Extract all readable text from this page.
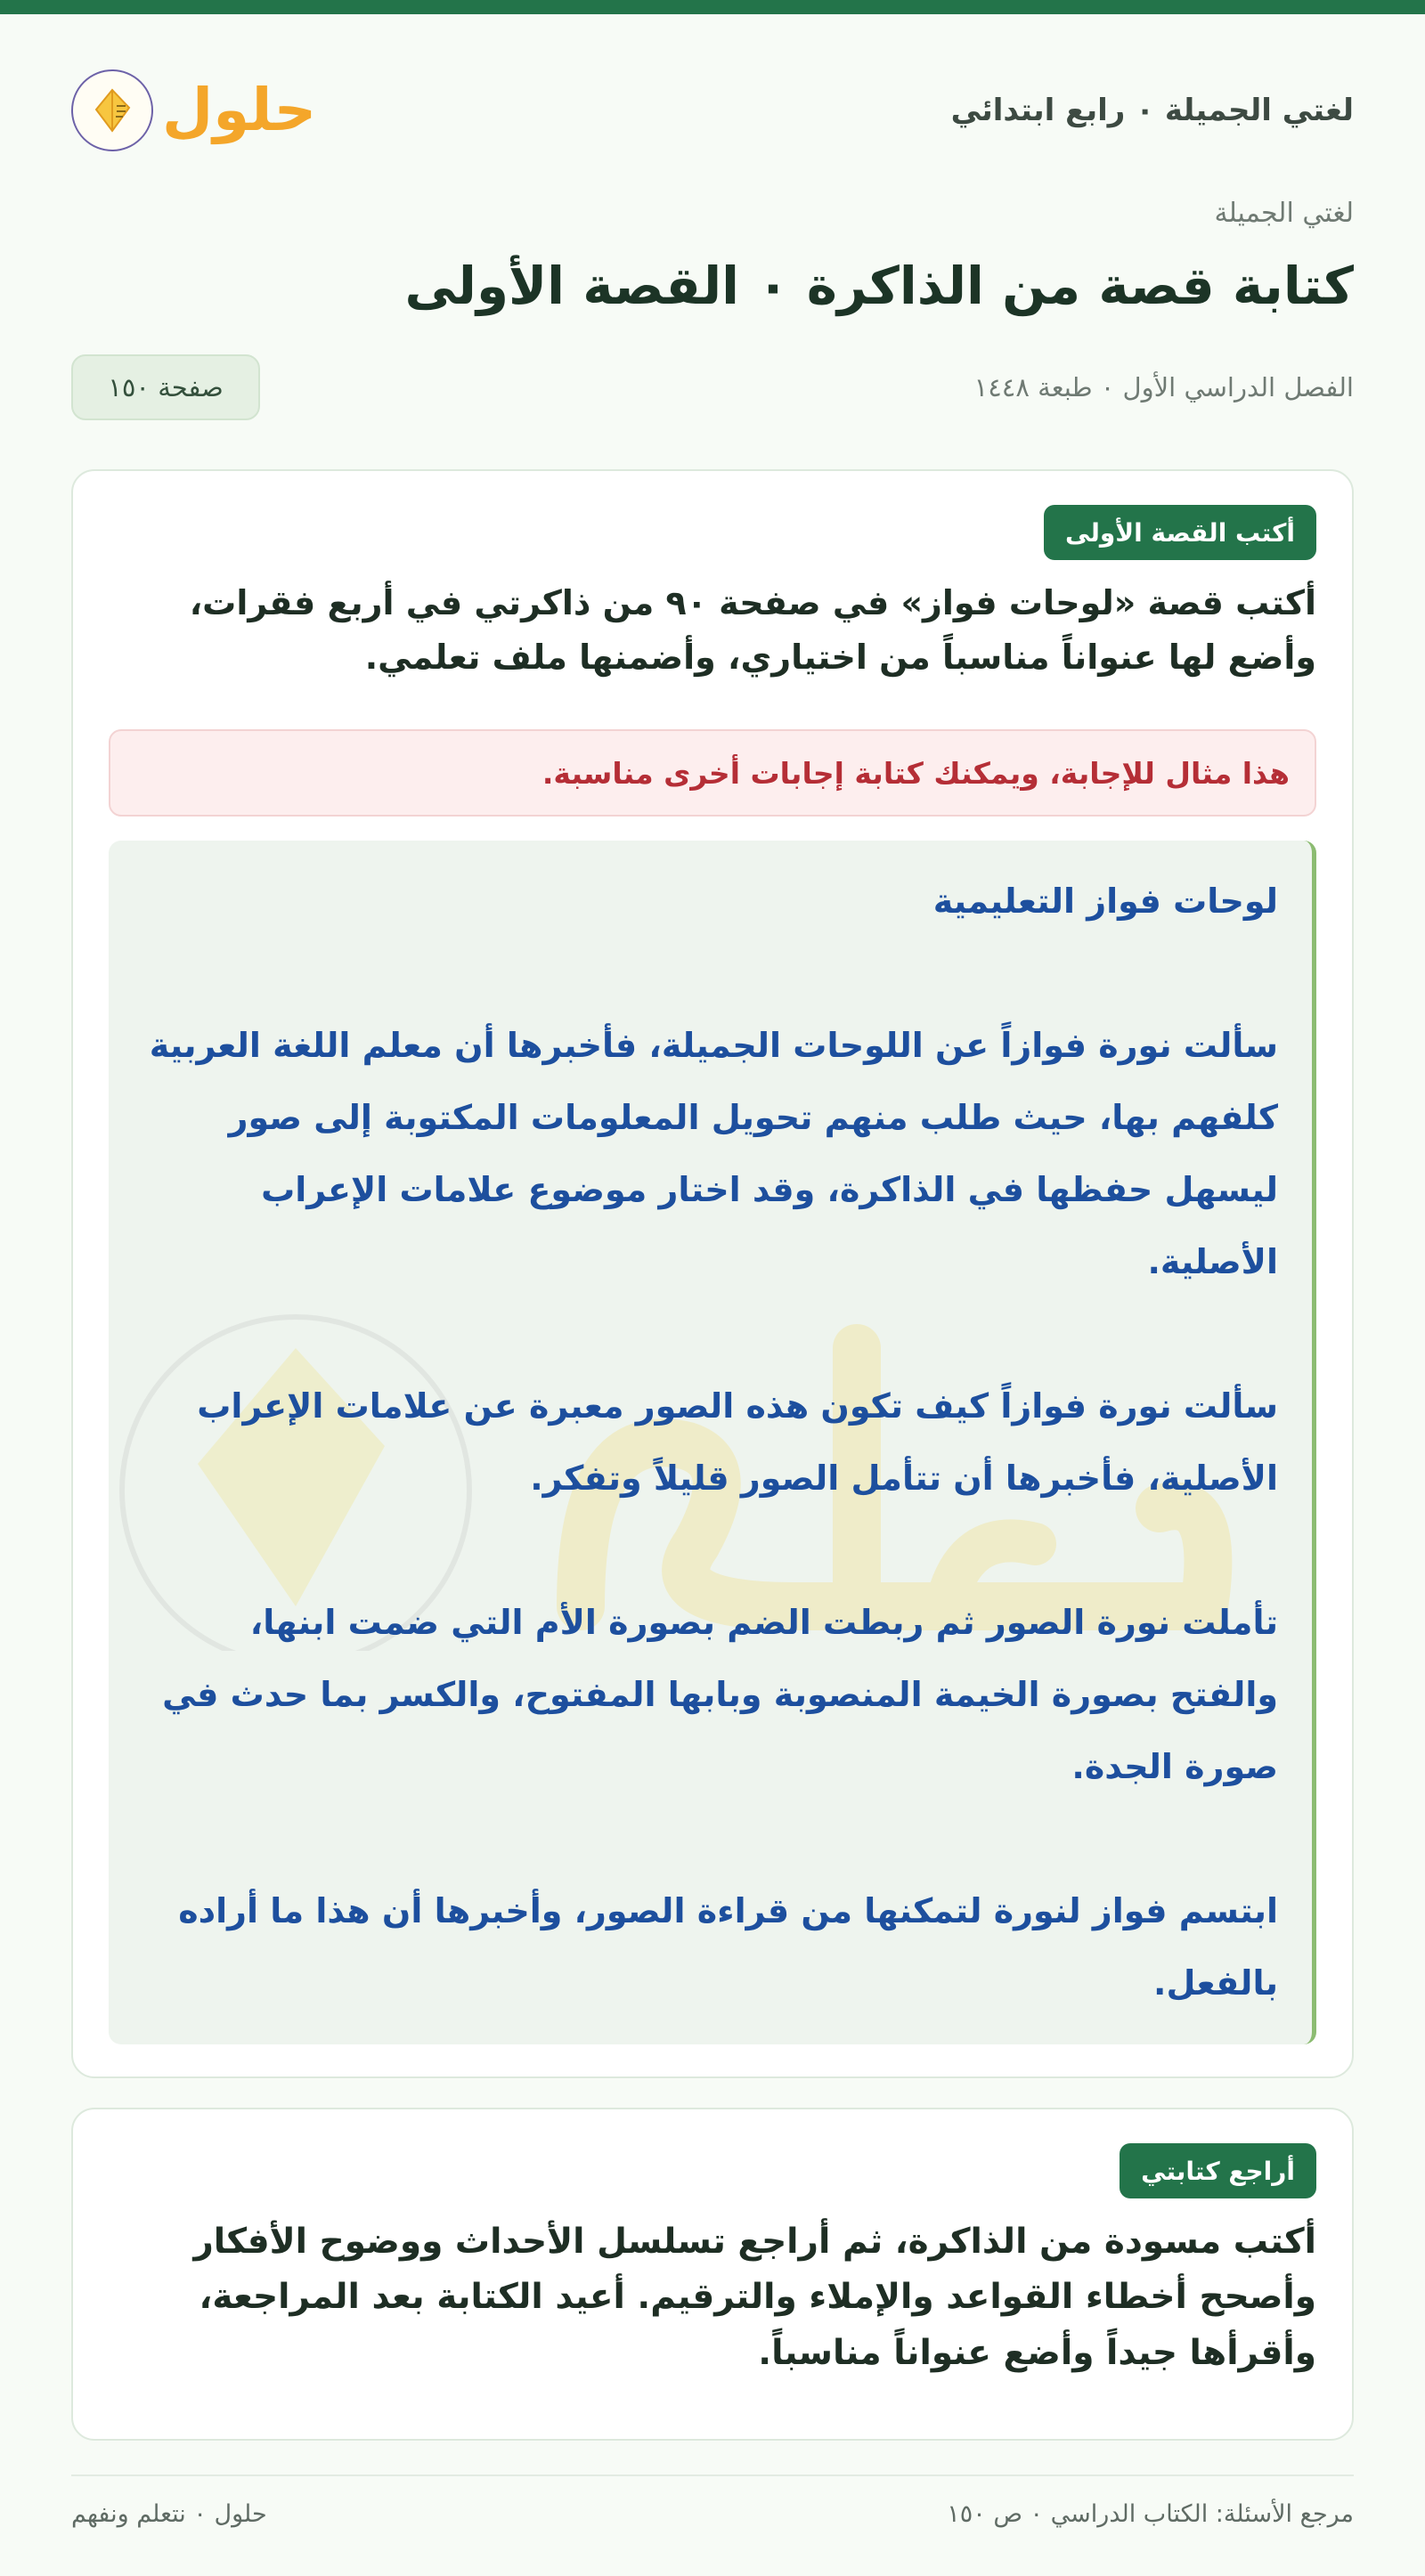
لغتي الجميلة ٠ رابع ابتدائي
حلول
لغتي الجميلة
كتابة قصة من الذاكرة ٠ القصة الأولى
الفصل الدراسي الأول ٠ طبعة ١٤٤٨
صفحة ١٥٠
أكتب القصة الأولى

أكتب قصة «لوحات فواز» في صفحة ٩٠ من ذاكرتي في أربع فقرات، وأضع لها عنواناً مناسباً من اختياري، وأضمنها ملف تعلمي.

هذا مثال للإجابة، ويمكنك كتابة إجابات أخرى مناسبة.
لوحات فواز التعليمية

سألت نورة فوازاً عن اللوحات الجميلة، فأخبرها أن معلم اللغة العربية كلفهم بها، حيث طلب منهم تحويل المعلومات المكتوبة إلى صور ليسهل حفظها في الذاكرة، وقد اختار موضوع علامات الإعراب الأصلية.

سألت نورة فوازاً كيف تكون هذه الصور معبرة عن علامات الإعراب الأصلية، فأخبرها أن تتأمل الصور قليلاً وتفكر.

تأملت نورة الصور ثم ربطت الضم بصورة الأم التي ضمت ابنها، والفتح بصورة الخيمة المنصوبة وبابها المفتوح، والكسر بما حدث في صورة الجدة.

ابتسم فواز لنورة لتمكنها من قراءة الصور، وأخبرها أن هذا ما أراده بالفعل.

أراجع كتابتي

أكتب مسودة من الذاكرة، ثم أراجع تسلسل الأحداث ووضوح الأفكار وأصحح أخطاء القواعد والإملاء والترقيم. أعيد الكتابة بعد المراجعة، وأقرأها جيداً وأضع عنواناً مناسباً.

مرجع الأسئلة: الكتاب الدراسي ٠ ص ١٥٠
حلول ٠ نتعلم ونفهم
